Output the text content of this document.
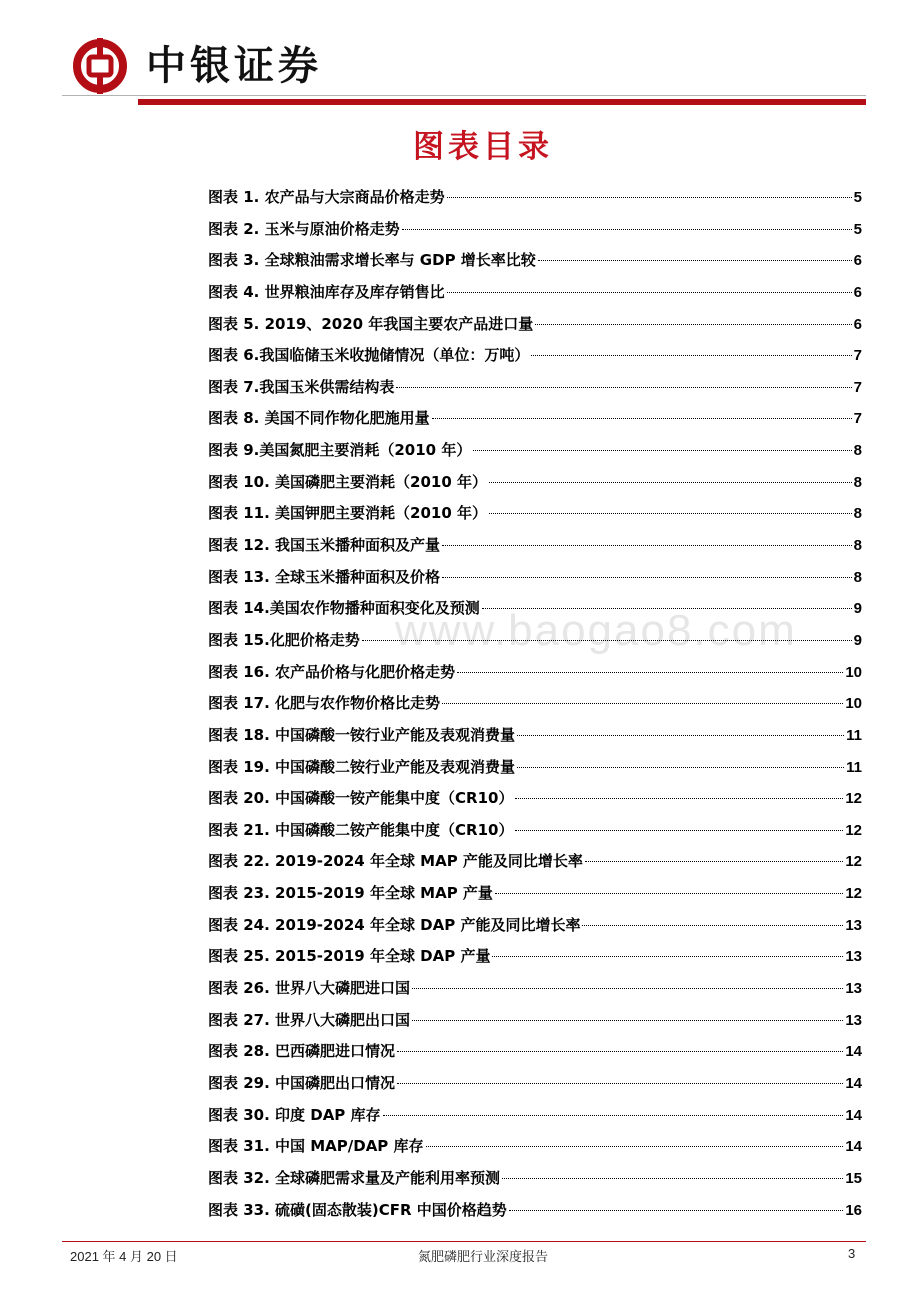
中银证券
www.baogao8.com
图表目录
图表 1. 农产品与大宗商品价格走势	5
图表 2. 玉米与原油价格走势	5
图表 3. 全球粮油需求增长率与 GDP 增长率比较	6
图表 4. 世界粮油库存及库存销售比	6
图表 5. 2019、2020 年我国主要农产品进口量	6
图表 6.我国临储玉米收抛储情况（单位：万吨）	7
图表 7.我国玉米供需结构表	7
图表 8. 美国不同作物化肥施用量	7
图表 9.美国氮肥主要消耗（2010 年）	8
图表 10. 美国磷肥主要消耗（2010 年）	8
图表 11. 美国钾肥主要消耗（2010 年）	8
图表 12. 我国玉米播种面积及产量	8
图表 13. 全球玉米播种面积及价格	8
图表 14.美国农作物播种面积变化及预测	9
图表 15.化肥价格走势	9
图表 16. 农产品价格与化肥价格走势	10
图表 17. 化肥与农作物价格比走势	10
图表 18. 中国磷酸一铵行业产能及表观消费量	11
图表 19. 中国磷酸二铵行业产能及表观消费量	11
图表 20. 中国磷酸一铵产能集中度（CR10）	12
图表 21. 中国磷酸二铵产能集中度（CR10）	12
图表 22. 2019-2024 年全球 MAP 产能及同比增长率	12
图表 23. 2015-2019 年全球 MAP 产量	12
图表 24. 2019-2024 年全球 DAP 产能及同比增长率	13
图表 25. 2015-2019 年全球 DAP 产量	13
图表 26. 世界八大磷肥进口国	13
图表 27. 世界八大磷肥出口国	13
图表 28. 巴西磷肥进口情况	14
图表 29. 中国磷肥出口情况	14
图表 30. 印度 DAP 库存	14
图表 31. 中国 MAP/DAP 库存	14
图表 32. 全球磷肥需求量及产能利用率预测	15
图表 33. 硫磺(固态散装)CFR 中国价格趋势	16
2021 年 4 月 20 日	氮肥磷肥行业深度报告	3
